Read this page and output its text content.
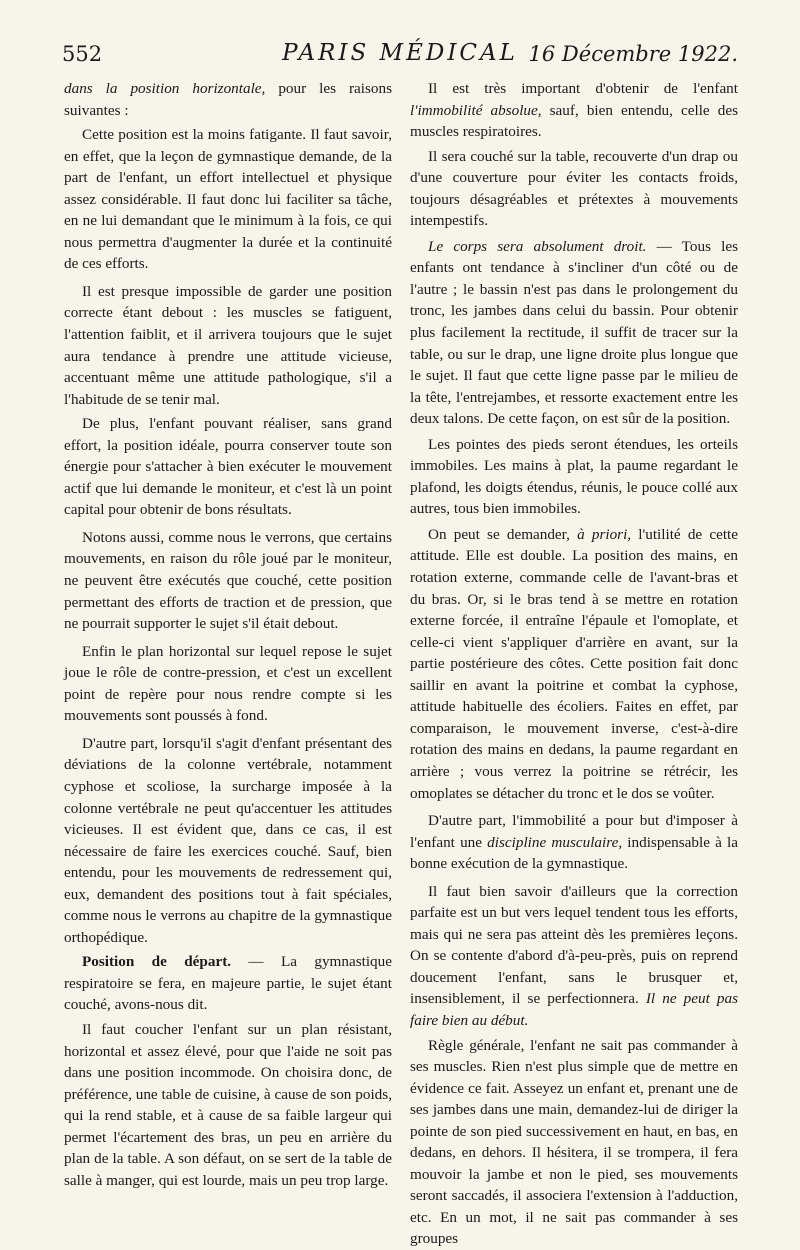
552	PARIS MÉDICAL 16 Décembre 1922.

dans la position horizontale, pour les raisons suivantes :

Cette position est la moins fatigante. Il faut savoir, en effet, que la leçon de gymnastique demande, de la part de l'enfant, un effort intellectuel et physique assez considérable. Il faut donc lui faciliter sa tâche, en ne lui demandant que le minimum à la fois, ce qui nous permettra d'augmenter la durée et la continuité de ces efforts.

Il est presque impossible de garder une position correcte étant debout : les muscles se fatiguent, l'attention faiblit, et il arrivera toujours que le sujet aura tendance à prendre une attitude vicieuse, accentuant même une attitude pathologique, s'il a l'habitude de se tenir mal.

De plus, l'enfant pouvant réaliser, sans grand effort, la position idéale, pourra conserver toute son énergie pour s'attacher à bien exécuter le mouvement actif que lui demande le moniteur, et c'est là un point capital pour obtenir de bons résultats.

Notons aussi, comme nous le verrons, que certains mouvements, en raison du rôle joué par le moniteur, ne peuvent être exécutés que couché, cette position permettant des efforts de traction et de pression, que ne pourrait supporter le sujet s'il était debout.

Enfin le plan horizontal sur lequel repose le sujet joue le rôle de contre-pression, et c'est un excellent point de repère pour nous rendre compte si les mouvements sont poussés à fond.

D'autre part, lorsqu'il s'agit d'enfant présentant des déviations de la colonne vertébrale, notamment cyphose et scoliose, la surcharge imposée à la colonne vertébrale ne peut qu'accentuer les attitudes vicieuses. Il est évident que, dans ce cas, il est nécessaire de faire les exercices couché. Sauf, bien entendu, pour les mouvements de redressement qui, eux, demandent des positions tout à fait spéciales, comme nous le verrons au chapitre de la gymnastique orthopédique.

Position de départ. — La gymnastique respiratoire se fera, en majeure partie, le sujet étant couché, avons-nous dit.

Il faut coucher l'enfant sur un plan résistant, horizontal et assez élevé, pour que l'aide ne soit pas dans une position incommode. On choisira donc, de préférence, une table de cuisine, à cause de son poids, qui la rend stable, et à cause de sa faible largeur qui permet l'écartement des bras, un peu en arrière du plan de la table. A son défaut, on se sert de la table de salle à manger, qui est lourde, mais un peu trop large.

Il est très important d'obtenir de l'enfant l'immobilité absolue, sauf, bien entendu, celle des muscles respiratoires.

Il sera couché sur la table, recouverte d'un drap ou d'une couverture pour éviter les contacts froids, toujours désagréables et prétextes à mouvements intempestifs.

Le corps sera absolument droit. — Tous les enfants ont tendance à s'incliner d'un côté ou de l'autre ; le bassin n'est pas dans le prolongement du tronc, les jambes dans celui du bassin. Pour obtenir plus facilement la rectitude, il suffit de tracer sur la table, ou sur le drap, une ligne droite plus longue que le sujet. Il faut que cette ligne passe par le milieu de la tête, l'entrejambes, et ressorte exactement entre les deux talons. De cette façon, on est sûr de la position.

Les pointes des pieds seront étendues, les orteils immobiles. Les mains à plat, la paume regardant le plafond, les doigts étendus, réunis, le pouce collé aux autres, tous bien immobiles.

On peut se demander, à priori, l'utilité de cette attitude. Elle est double. La position des mains, en rotation externe, commande celle de l'avant-bras et du bras. Or, si le bras tend à se mettre en rotation externe forcée, il entraîne l'épaule et l'omoplate, et celle-ci vient s'appliquer d'arrière en avant, sur la partie postérieure des côtes. Cette position fait donc saillir en avant la poitrine et combat la cyphose, attitude habituelle des écoliers. Faites en effet, par comparaison, le mouvement inverse, c'est-à-dire rotation des mains en dedans, la paume regardant en arrière ; vous verrez la poitrine se rétrécir, les omoplates se détacher du tronc et le dos se voûter.

D'autre part, l'immobilité a pour but d'imposer à l'enfant une discipline musculaire, indispensable à la bonne exécution de la gymnastique.

Il faut bien savoir d'ailleurs que la correction parfaite est un but vers lequel tendent tous les efforts, mais qui ne sera pas atteint dès les premières leçons. On se contente d'abord d'à-peu-près, puis on reprend doucement l'enfant, sans le brusquer et, insensiblement, il se perfectionnera. Il ne peut pas faire bien au début.

Règle générale, l'enfant ne sait pas commander à ses muscles. Rien n'est plus simple que de mettre en évidence ce fait. Asseyez un enfant et, prenant une de ses jambes dans une main, demandez-lui de diriger la pointe de son pied successivement en haut, en bas, en dedans, en dehors. Il hésitera, il se trompera, il fera mouvoir la jambe et non le pied, ses mouvements seront saccadés, il associera l'extension à l'adduction, etc. En un mot, il ne sait pas commander à ses groupes
